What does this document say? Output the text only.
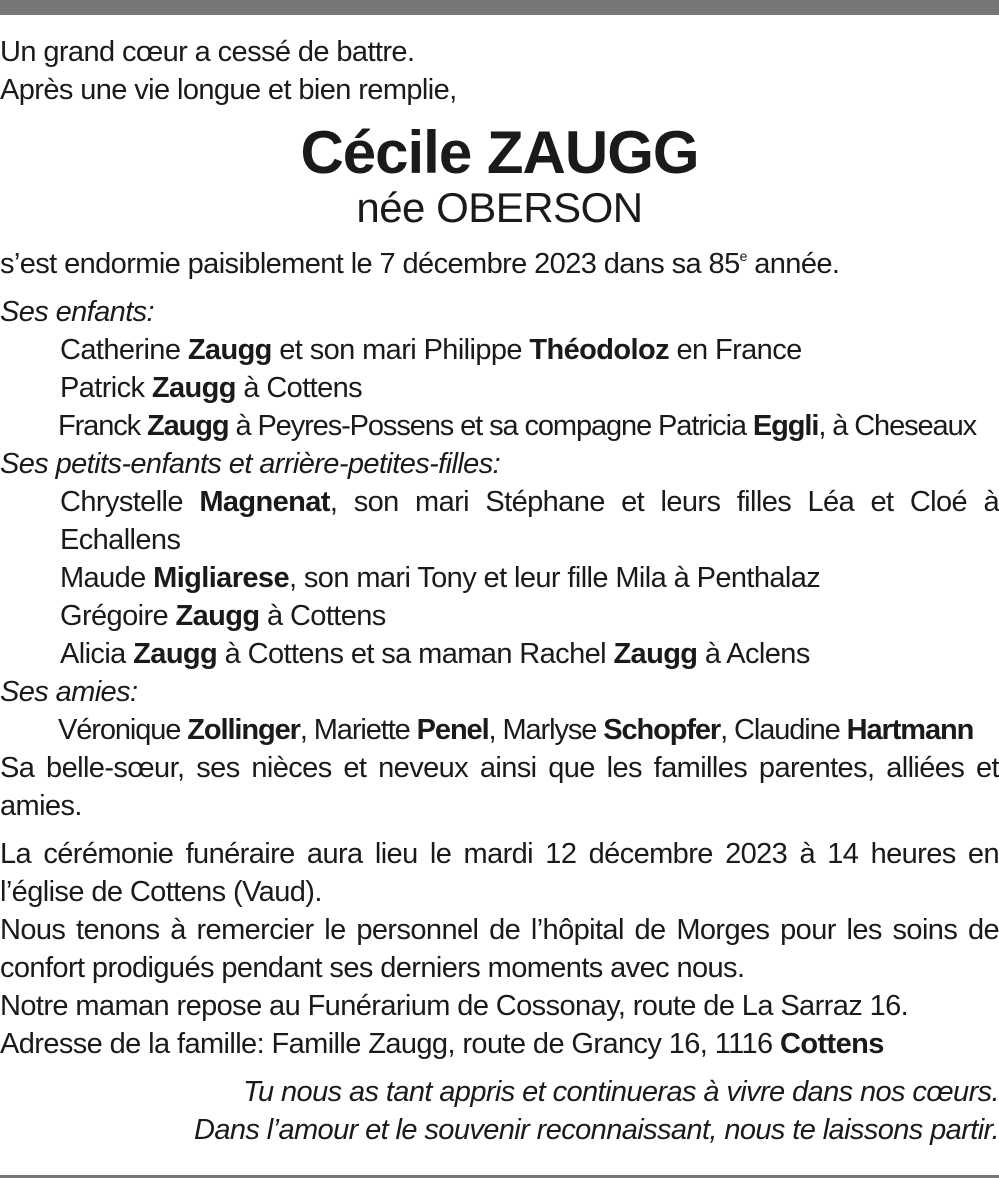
Un grand cœur a cessé de battre.
Après une vie longue et bien remplie,
Cécile ZAUGG
née OBERSON
s’est endormie paisiblement le 7 décembre 2023 dans sa 85e année.
Ses enfants:
Catherine Zaugg et son mari Philippe Théodoloz en France
Patrick Zaugg à Cottens
Franck Zaugg à Peyres-Possens et sa compagne Patricia Eggli, à Cheseaux
Ses petits-enfants et arrière-petites-filles:
Chrystelle Magnenat, son mari Stéphane et leurs filles Léa et Cloé à Echallens
Maude Migliarese, son mari Tony et leur fille Mila à Penthalaz
Grégoire Zaugg à Cottens
Alicia Zaugg à Cottens et sa maman Rachel Zaugg à Aclens
Ses amies:
Véronique Zollinger, Mariette Penel, Marlyse Schopfer, Claudine Hartmann
Sa belle-sœur, ses nièces et neveux ainsi que les familles parentes, alliées et amies.
La cérémonie funéraire aura lieu le mardi 12 décembre 2023 à 14 heures en l’église de Cottens (Vaud).
Nous tenons à remercier le personnel de l’hôpital de Morges pour les soins de confort prodigués pendant ses derniers moments avec nous.
Notre maman repose au Funérarium de Cossonay, route de La Sarraz 16.
Adresse de la famille: Famille Zaugg, route de Grancy 16, 1116 Cottens
Tu nous as tant appris et continueras à vivre dans nos cœurs.
Dans l’amour et le souvenir reconnaissant, nous te laissons partir.
